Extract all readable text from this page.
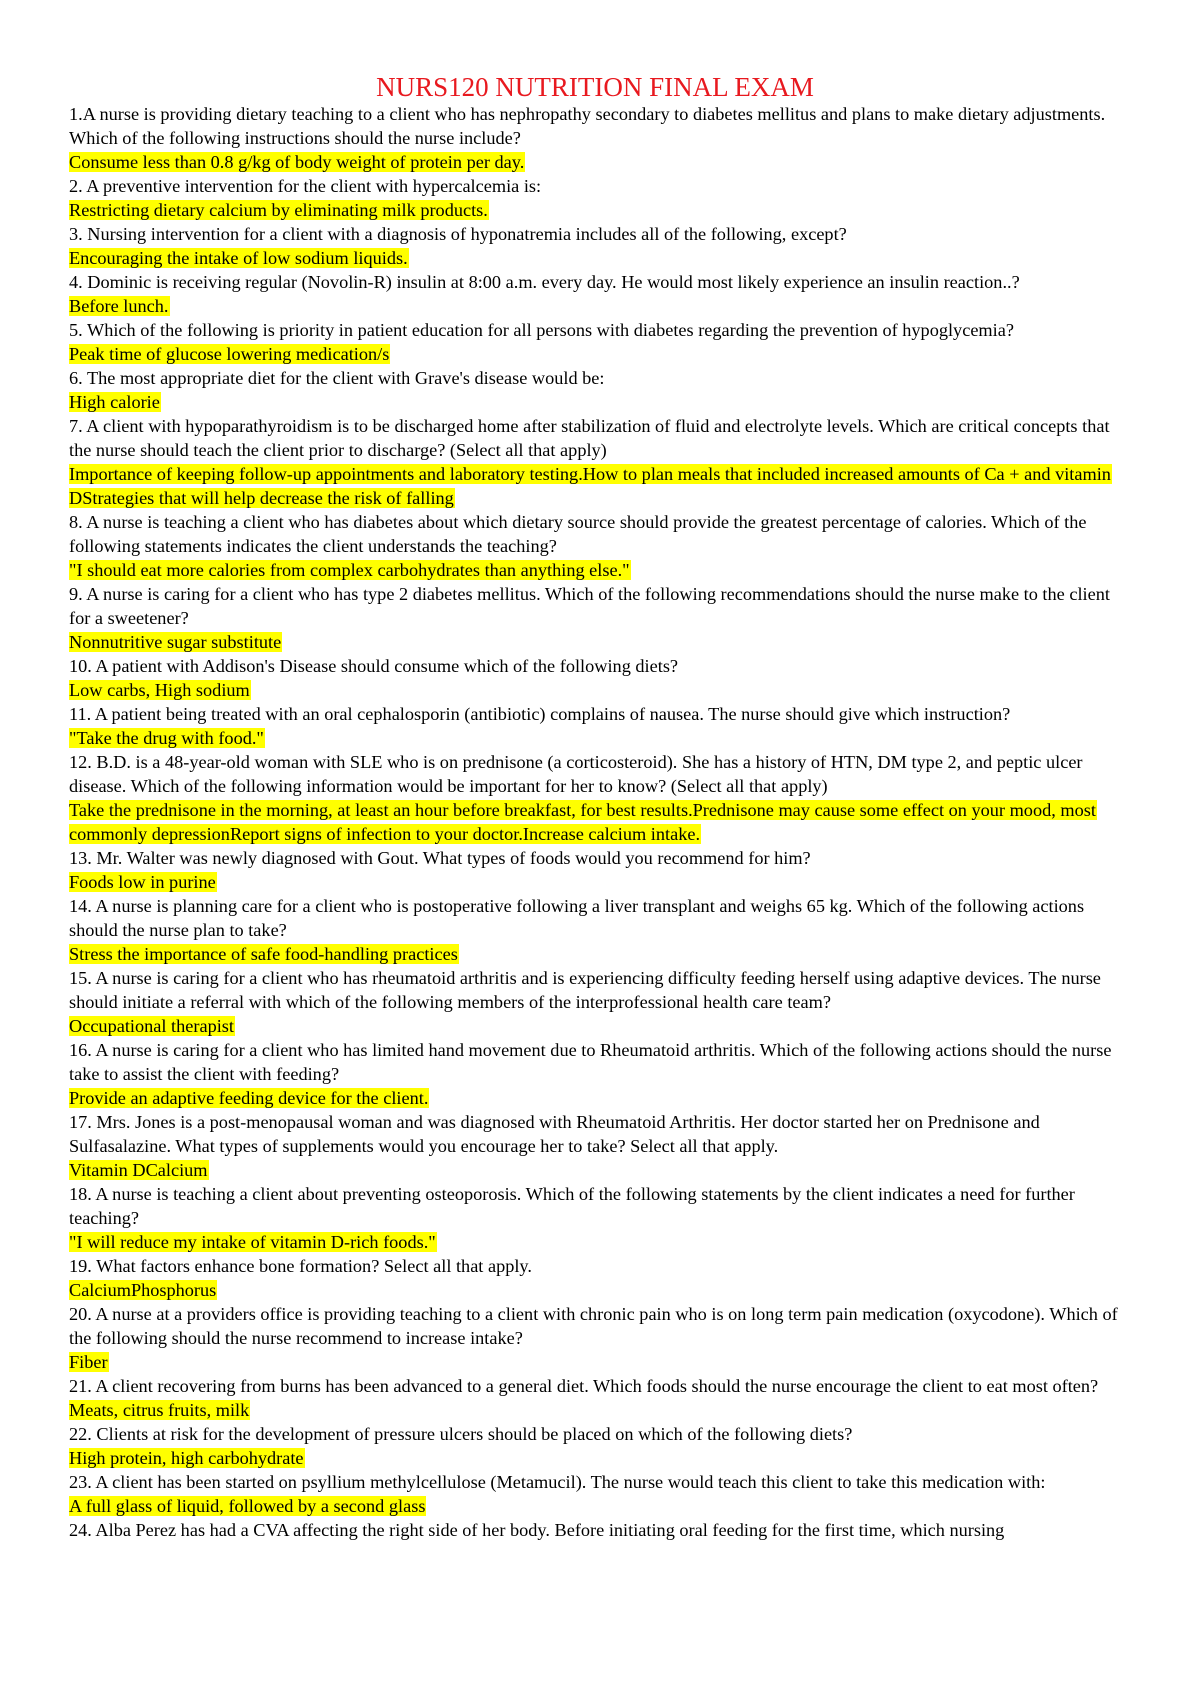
NURS120 NUTRITION FINAL EXAM

1.A nurse is providing dietary teaching to a client who has nephropathy secondary to diabetes mellitus and plans to make dietary adjustments. Which of the following instructions should the nurse include?

Consume less than 0.8 g/kg of body weight of protein per day.

2. A preventive intervention for the client with hypercalcemia is:

Restricting dietary calcium by eliminating milk products.

3. Nursing intervention for a client with a diagnosis of hyponatremia includes all of the following, except?

Encouraging the intake of low sodium liquids.

4. Dominic is receiving regular (Novolin-R) insulin at 8:00 a.m. every day. He would most likely experience an insulin reaction..?

Before lunch.

5. Which of the following is priority in patient education for all persons with diabetes regarding the prevention of hypoglycemia?

Peak time of glucose lowering medication/s

6. The most appropriate diet for the client with Grave's disease would be:

High calorie

7. A client with hypoparathyroidism is to be discharged home after stabilization of fluid and electrolyte levels. Which are critical concepts that the nurse should teach the client prior to discharge? (Select all that apply)

Importance of keeping follow-up appointments and laboratory testing.How to plan meals that included increased amounts of Ca + and vitamin DStrategies that will help decrease the risk of falling

8. A nurse is teaching a client who has diabetes about which dietary source should provide the greatest percentage of calories. Which of the following statements indicates the client understands the teaching?

"I should eat more calories from complex carbohydrates than anything else."

9. A nurse is caring for a client who has type 2 diabetes mellitus. Which of the following recommendations should the nurse make to the client for a sweetener?

Nonnutritive sugar substitute

10. A patient with Addison's Disease should consume which of the following diets?

Low carbs, High sodium

11. A patient being treated with an oral cephalosporin (antibiotic) complains of nausea. The nurse should give which instruction?

"Take the drug with food."

12. B.D. is a 48-year-old woman with SLE who is on prednisone (a corticosteroid). She has a history of HTN, DM type 2, and peptic ulcer disease. Which of the following information would be important for her to know? (Select all that apply)

Take the prednisone in the morning, at least an hour before breakfast, for best results.Prednisone may cause some effect on your mood, most commonly depressionReport signs of infection to your doctor.Increase calcium intake.

13. Mr. Walter was newly diagnosed with Gout. What types of foods would you recommend for him?

Foods low in purine

14. A nurse is planning care for a client who is postoperative following a liver transplant and weighs 65 kg. Which of the following actions should the nurse plan to take?

Stress the importance of safe food-handling practices

15. A nurse is caring for a client who has rheumatoid arthritis and is experiencing difficulty feeding herself using adaptive devices. The nurse should initiate a referral with which of the following members of the interprofessional health care team?

Occupational therapist

16. A nurse is caring for a client who has limited hand movement due to Rheumatoid arthritis. Which of the following actions should the nurse take to assist the client with feeding?

Provide an adaptive feeding device for the client.

17. Mrs. Jones is a post-menopausal woman and was diagnosed with Rheumatoid Arthritis. Her doctor started her on Prednisone and Sulfasalazine. What types of supplements would you encourage her to take? Select all that apply.

Vitamin DCalcium

18. A nurse is teaching a client about preventing osteoporosis. Which of the following statements by the client indicates a need for further teaching?

"I will reduce my intake of vitamin D-rich foods."

19. What factors enhance bone formation? Select all that apply.

CalciumPhosphorus

20. A nurse at a providers office is providing teaching to a client with chronic pain who is on long term pain medication (oxycodone). Which of the following should the nurse recommend to increase intake?

Fiber

21. A client recovering from burns has been advanced to a general diet. Which foods should the nurse encourage the client to eat most often?

Meats, citrus fruits, milk

22. Clients at risk for the development of pressure ulcers should be placed on which of the following diets?

High protein, high carbohydrate

23. A client has been started on psyllium methylcellulose (Metamucil). The nurse would teach this client to take this medication with:

A full glass of liquid, followed by a second glass

24. Alba Perez has had a CVA affecting the right side of her body. Before initiating oral feeding for the first time, which nursing
